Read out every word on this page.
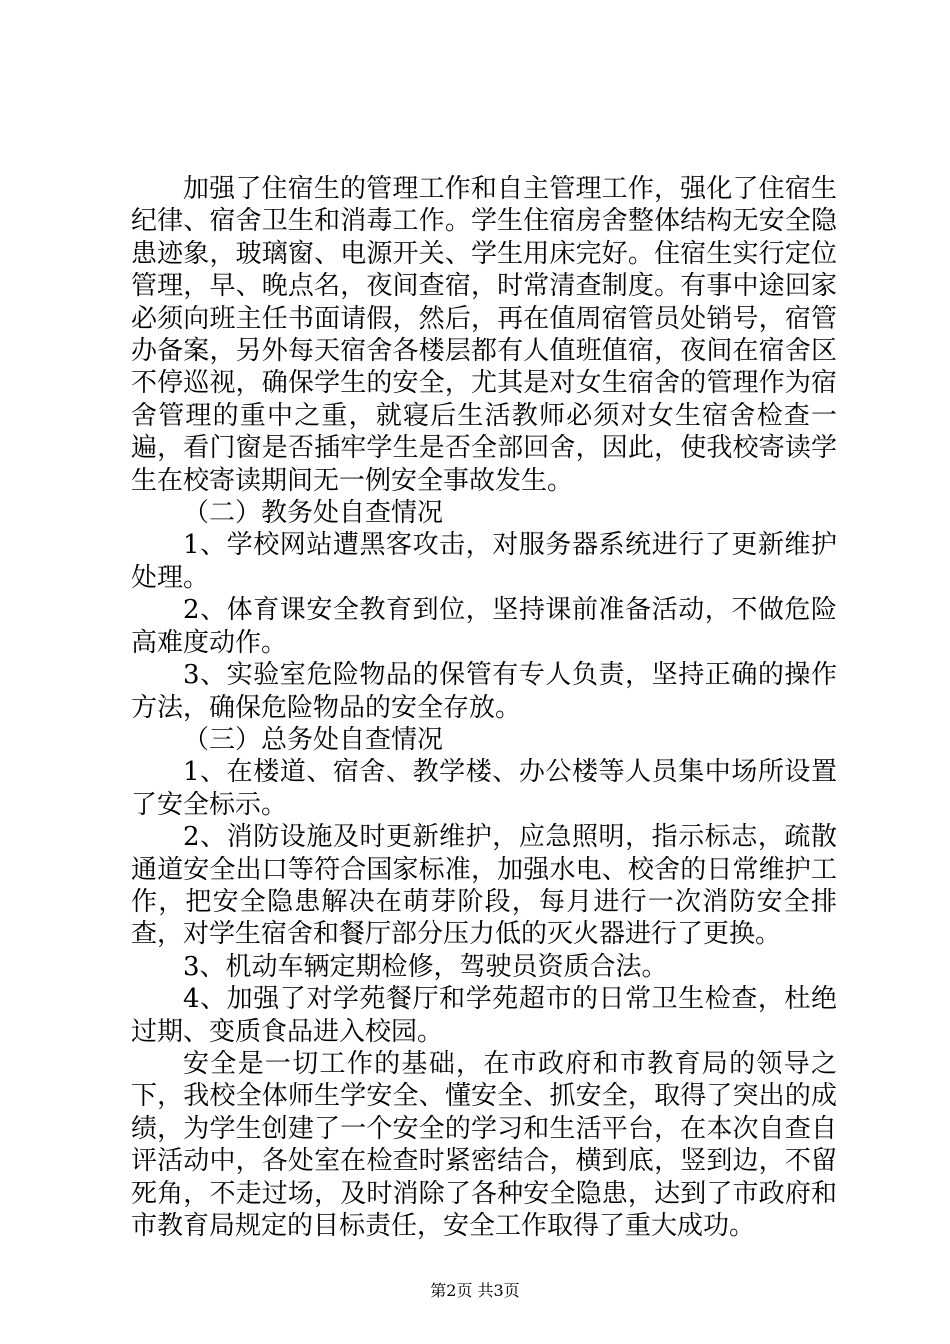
加强了住宿生的管理工作和自主管理工作，强化了住宿生纪律、宿舍卫生和消毒工作。学生住宿房舍整体结构无安全隐患迹象，玻璃窗、电源开关、学生用床完好。住宿生实行定位管理，早、晚点名，夜间查宿，时常清查制度。有事中途回家必须向班主任书面请假，然后，再在值周宿管员处销号，宿管办备案，另外每天宿舍各楼层都有人值班值宿，夜间在宿舍区不停巡视，确保学生的安全，尤其是对女生宿舍的管理作为宿舍管理的重中之重，就寝后生活教师必须对女生宿舍检查一遍，看门窗是否插牢学生是否全部回舍，因此，使我校寄读学生在校寄读期间无一例安全事故发生。

（二）教务处自查情况

1、学校网站遭黑客攻击，对服务器系统进行了更新维护处理。

2、体育课安全教育到位，坚持课前准备活动，不做危险高难度动作。

3、实验室危险物品的保管有专人负责，坚持正确的操作方法，确保危险物品的安全存放。

（三）总务处自查情况

1、在楼道、宿舍、教学楼、办公楼等人员集中场所设置了安全标示。

2、消防设施及时更新维护，应急照明，指示标志，疏散通道安全出口等符合国家标准，加强水电、校舍的日常维护工作，把安全隐患解决在萌芽阶段，每月进行一次消防安全排查，对学生宿舍和餐厅部分压力低的灭火器进行了更换。

3、机动车辆定期检修，驾驶员资质合法。

4、加强了对学苑餐厅和学苑超市的日常卫生检查，杜绝过期、变质食品进入校园。

安全是一切工作的基础，在市政府和市教育局的领导之下，我校全体师生学安全、懂安全、抓安全，取得了突出的成绩，为学生创建了一个安全的学习和生活平台，在本次自查自评活动中，各处室在检查时紧密结合，横到底，竖到边，不留死角，不走过场，及时消除了各种安全隐患，达到了市政府和市教育局规定的目标责任，安全工作取得了重大成功。

第2页 共3页
